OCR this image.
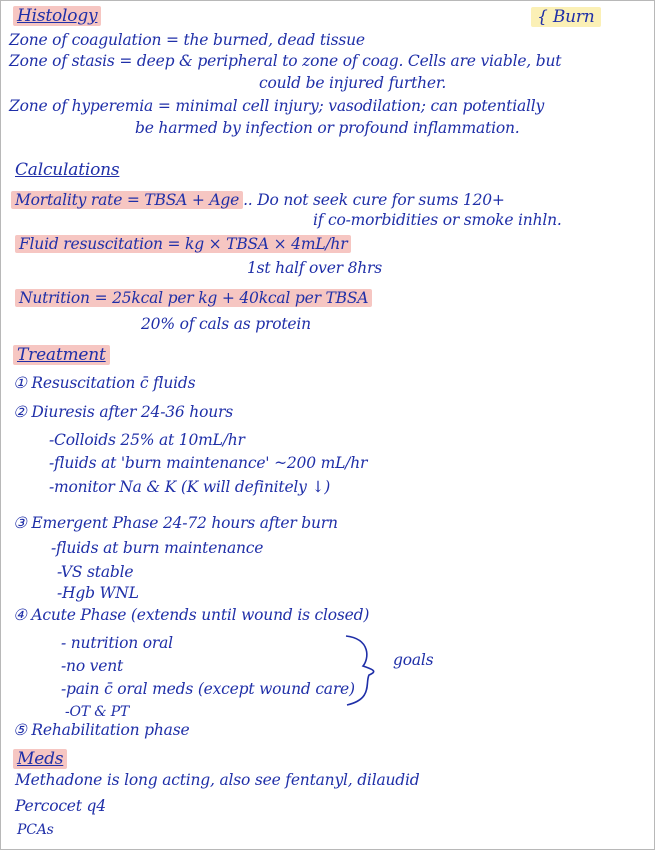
Histology	{ Burn
Zone of coagulation = the burned, dead tissue
Zone of stasis = deep & peripheral to zone of coag. Cells are viable, but
could be injured further.
Zone of hyperemia = minimal cell injury; vasodilation; can potentially
be harmed by infection or profound inflammation.
Calculations
Mortality rate = TBSA + Age .. Do not seek cure for sums 120+
if co-morbidities or smoke inhln.
Fluid resuscitation = kg × TBSA × 4mL/hr
1st half over 8hrs
Nutrition = 25kcal per kg + 40kcal per TBSA
20% of cals as protein
Treatment
① Resuscitation c̄ fluids
② Diuresis after 24-36 hours
-Colloids 25% at 10mL/hr
-fluids at 'burn maintenance' ~200 mL/hr
-monitor Na & K (K will definitely ↓)
③ Emergent Phase 24-72 hours after burn
-fluids at burn maintenance
-VS stable
-Hgb WNL
④ Acute Phase (extends until wound is closed)
- nutrition oral
-no vent
-pain c̄ oral meds (except wound care)
-OT & PT
⑤ Rehabilitation phase
goals
Meds
Methadone is long acting, also see fentanyl, dilaudid
Percocet q4
PCAs
